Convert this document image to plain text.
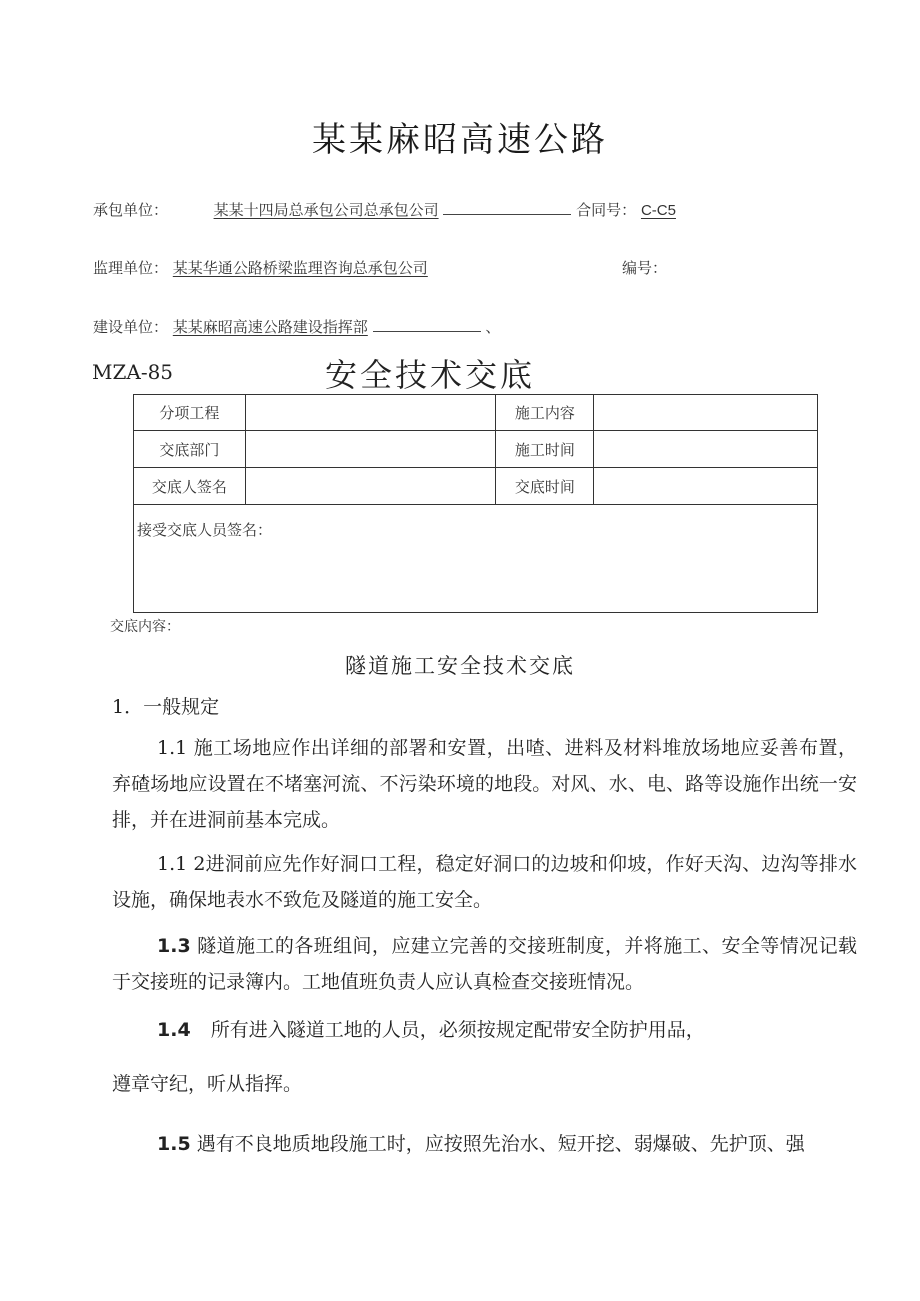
某某麻昭高速公路
承包单位：	某某十四局总承包公司总承包公司	合同号： C-C5
监理单位： 某某华通公路桥梁监理咨询总承包公司	编号：
建设单位： 某某麻昭高速公路建设指挥部	、
MZA-85	安全技术交底
分项工程		施工内容	
交底部门		施工时间	
交底人签名		交底时间	

接受交底人员签名：			
交底内容：
隧道施工安全技术交底
1．一般规定
1.1 施工场地应作出详细的部署和安置，出喳、进料及材料堆放场地应妥善布置，弃碴场地应设置在不堵塞河流、不污染环境的地段。对风、水、电、路等设施作出统一安排，并在进洞前基本完成。
1.1 2进洞前应先作好洞口工程，稳定好洞口的边坡和仰坡，作好天沟、边沟等排水设施，确保地表水不致危及隧道的施工安全。
1.3 隧道施工的各班组间，应建立完善的交接班制度，并将施工、安全等情况记载于交接班的记录簿内。工地值班负责人应认真检查交接班情况。
1.4 所有进入隧道工地的人员，必须按规定配带安全防护用品，
遵章守纪，听从指挥。
1.5 遇有不良地质地段施工时，应按照先治水、短开挖、弱爆破、先护顶、强
